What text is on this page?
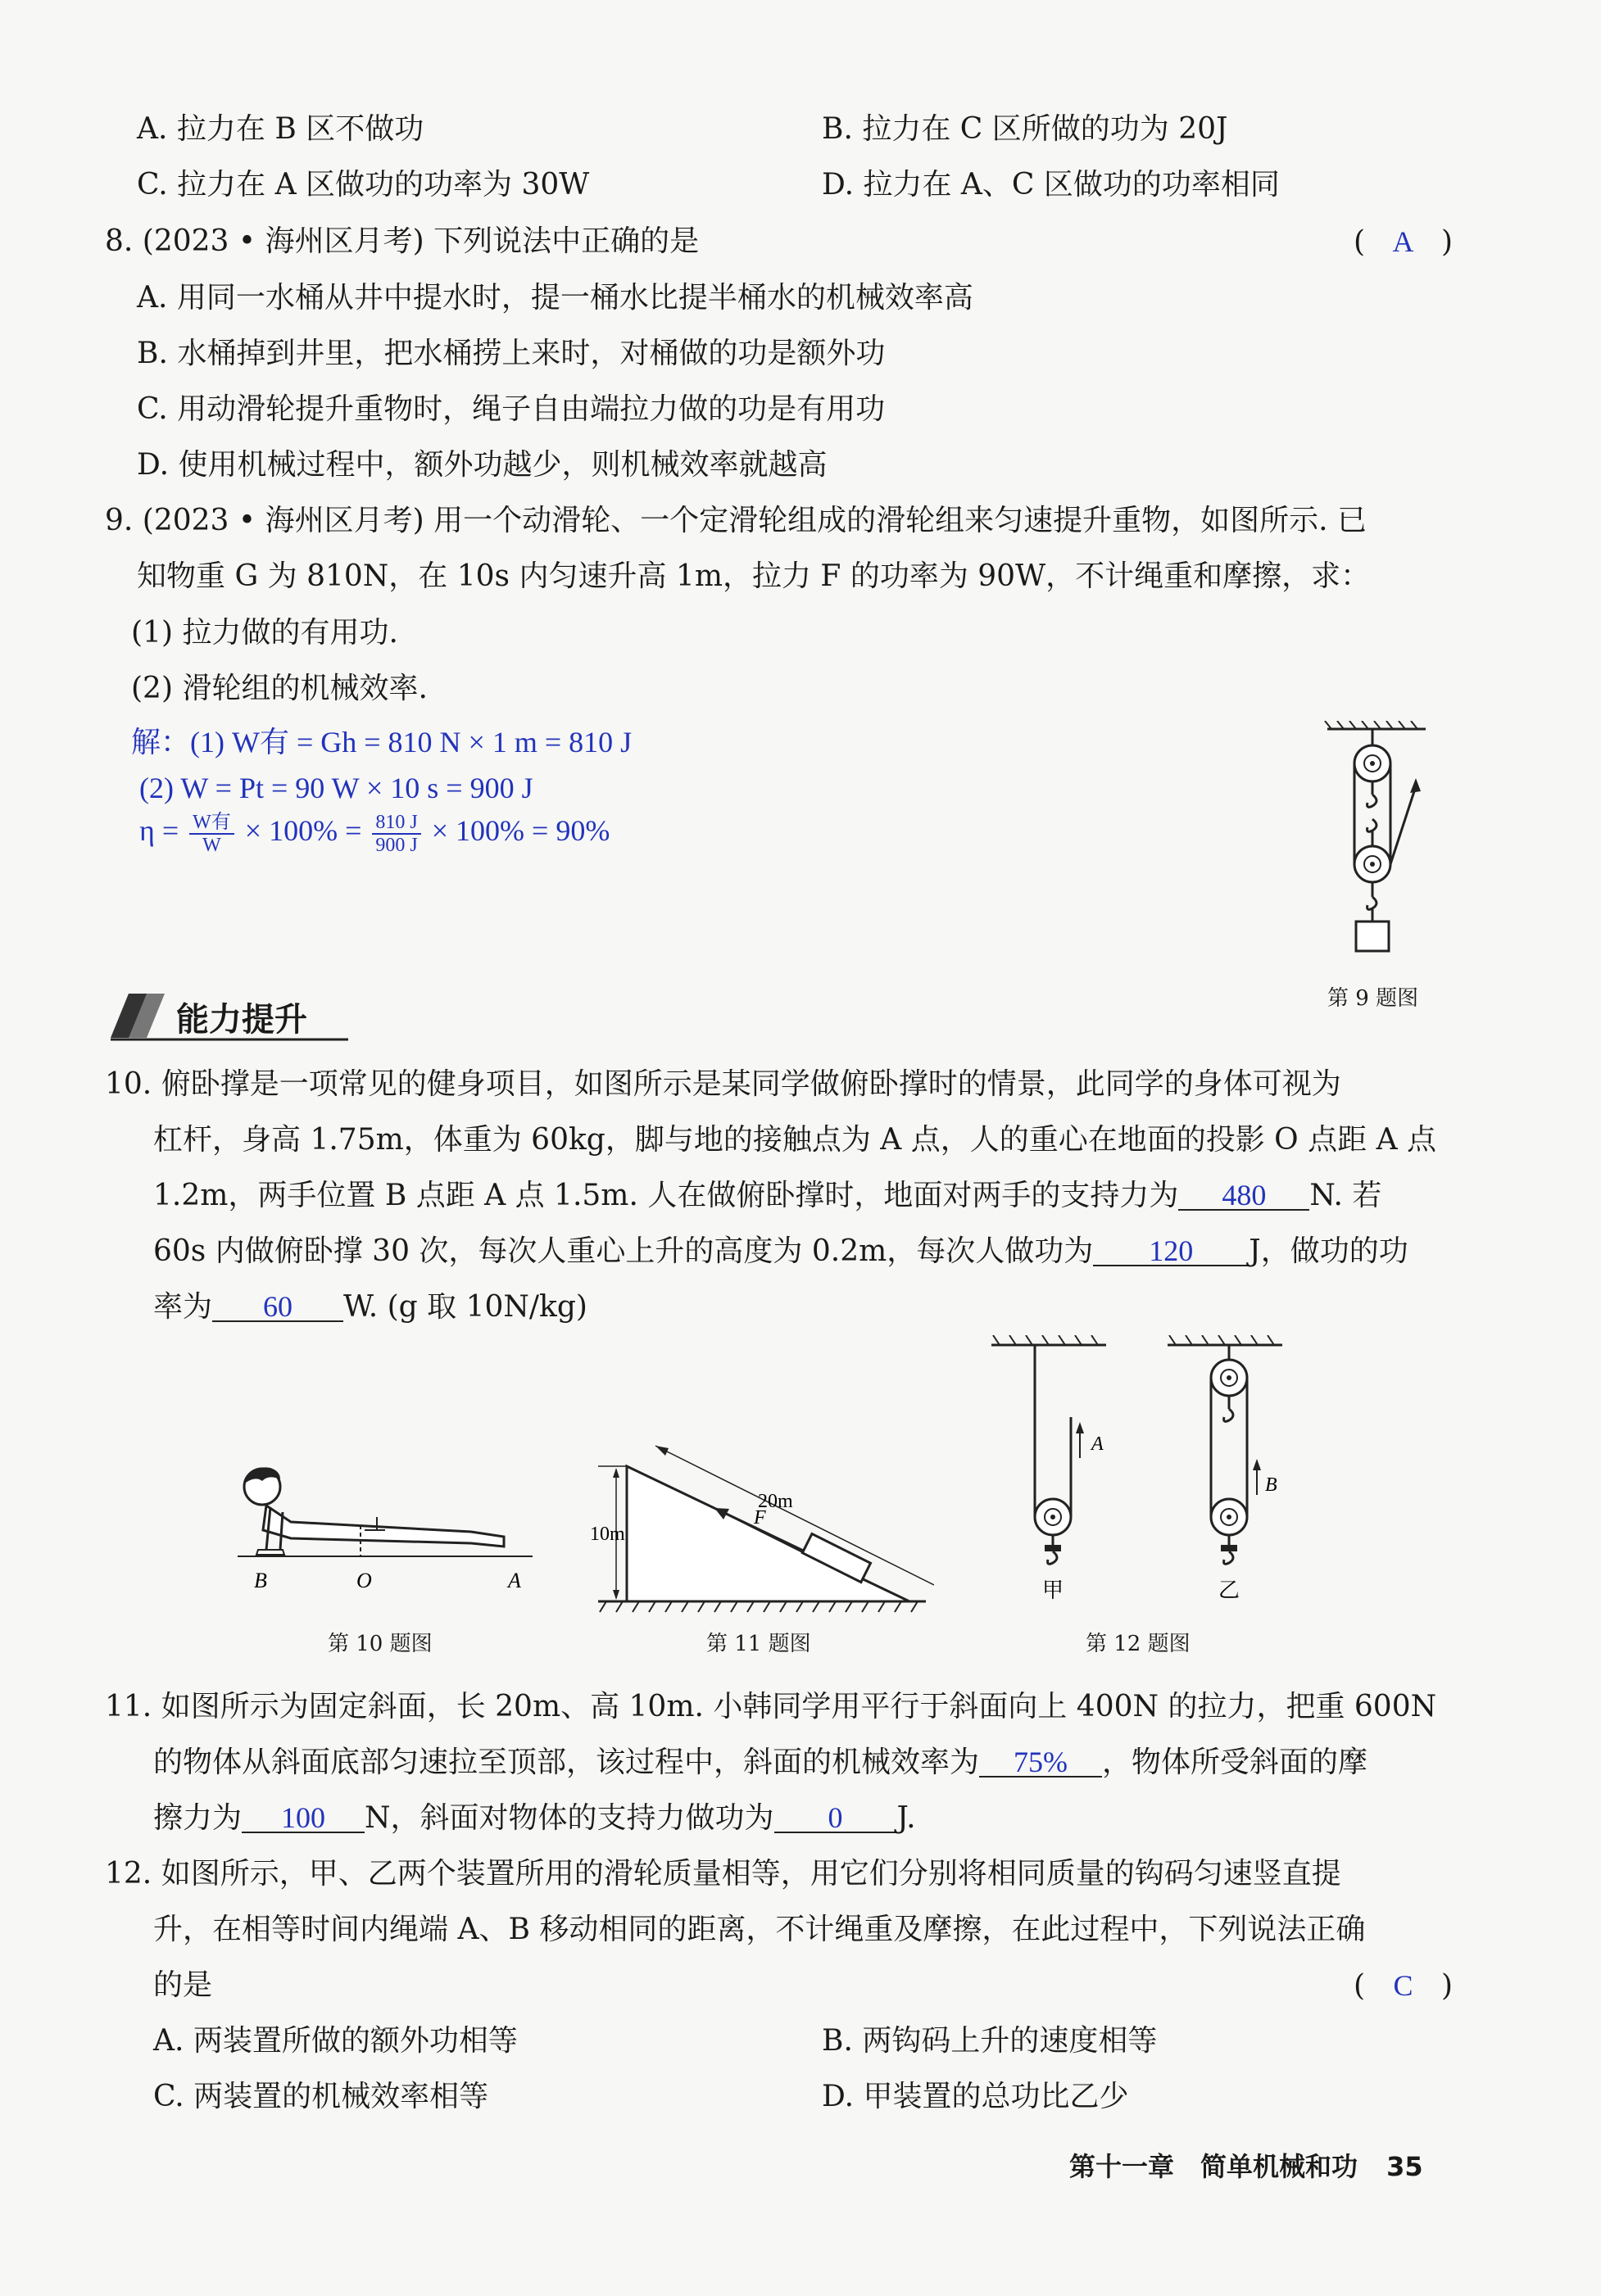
A. 拉力在 B 区不做功	B. 拉力在 C 区所做的功为 20J
C. 拉力在 A 区做功的功率为 30W	D. 拉力在 A、C 区做功的功率相同
8. (2023 • 海州区月考) 下列说法中正确的是	( A )
A. 用同一水桶从井中提水时，提一桶水比提半桶水的机械效率高
B. 水桶掉到井里，把水桶捞上来时，对桶做的功是额外功
C. 用动滑轮提升重物时，绳子自由端拉力做的功是有用功
D. 使用机械过程中，额外功越少，则机械效率就越高
9. (2023 • 海州区月考) 用一个动滑轮、一个定滑轮组成的滑轮组来匀速提升重物，如图所示. 已
知物重 G 为 810N，在 10s 内匀速升高 1m，拉力 F 的功率为 90W，不计绳重和摩擦，求：
(1) 拉力做的有用功.
(2) 滑轮组的机械效率.
解：(1) W有 = Gh = 810 N × 1 m = 810 J
(2) W = Pt = 90 W × 10 s = 900 J
$\eta = \frac{\text{W有}}{W} \times 100\% = \frac{810 J}{900 J} \times 100\% = 90\%$
第 9 题图
能力提升
10. 俯卧撑是一项常见的健身项目，如图所示是某同学做俯卧撑时的情景，此同学的身体可视为
杠杆，身高 1.75m，体重为 60kg，脚与地的接触点为 A 点，人的重心在地面的投影 O 点距 A 点
1.2m，两手位置 B 点距 A 点 1.5m. 人在做俯卧撑时，地面对两手的支持力为 480 N. 若
60s 内做俯卧撑 30 次，每次人重心上升的高度为 0.2m，每次人做功为 120 J，做功的功
率为 60 W. (g 取 10N/kg)
B	O	A
第 10 题图
10m
20m
F
第 11 题图
A
甲
B
乙
第 12 题图
11. 如图所示为固定斜面，长 20m、高 10m. 小韩同学用平行于斜面向上 400N 的拉力，把重 600N
的物体从斜面底部匀速拉至顶部，该过程中，斜面的机械效率为 75% ，物体所受斜面的摩
擦力为 100 N，斜面对物体的支持力做功为 0 J.
12. 如图所示，甲、乙两个装置所用的滑轮质量相等，用它们分别将相同质量的钩码匀速竖直提
升，在相等时间内绳端 A、B 移动相同的距离，不计绳重及摩擦，在此过程中，下列说法正确
的是	( C )
A. 两装置所做的额外功相等	B. 两钩码上升的速度相等
C. 两装置的机械效率相等	D. 甲装置的总功比乙少
第十一章　简单机械和功 35
